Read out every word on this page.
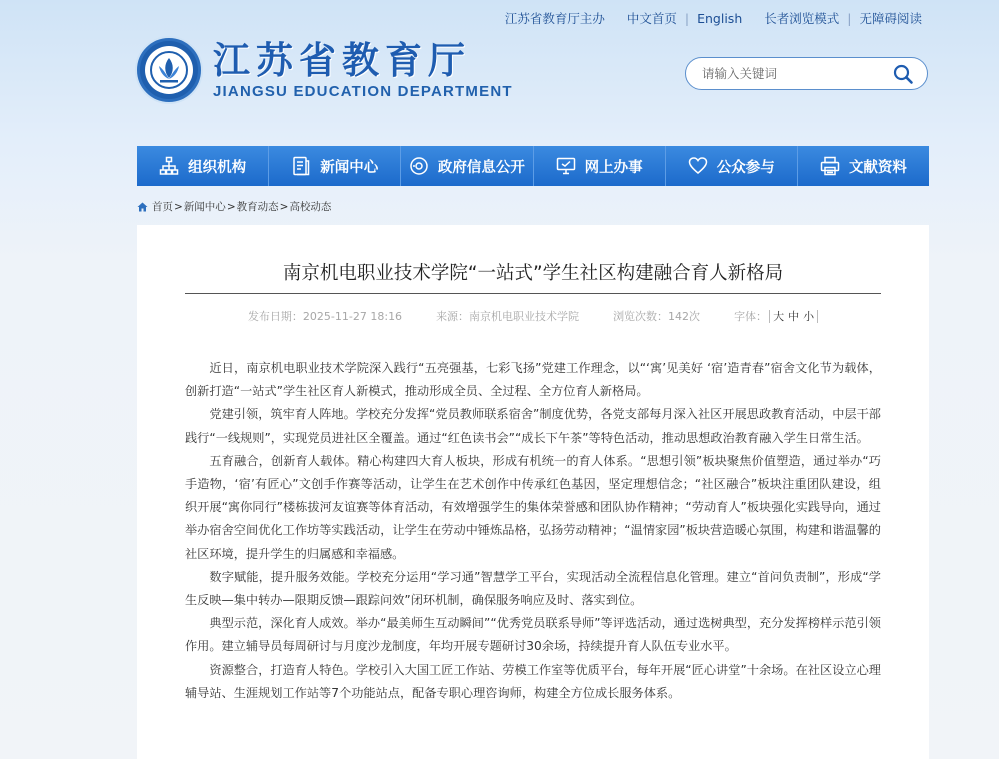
江苏省教育厅主办 中文首页 | English 长者浏览模式 | 无障碍阅读
江苏省教育厅
JIANGSU EDUCATION DEPARTMENT
请输入关键词
组织机构	新闻中心	政府信息公开	网上办事	公众参与	文献资料
首页 > 新闻中心 > 教育动态 > 高校动态
南京机电职业技术学院“一站式”学生社区构建融合育人新格局
发布日期：2025-11-27 18:16	来源：南京机电职业技术学院	浏览次数：142次	字体： 大 中 小

近日，南京机电职业技术学院深入践行“五亮强基，七彩飞扬”党建工作理念，以“‘寓’见美好 ‘宿’造青春”宿舍文化节为载体，创新打造“一站式”学生社区育人新模式，推动形成全员、全过程、全方位育人新格局。

党建引领，筑牢育人阵地。学校充分发挥“党员教师联系宿舍”制度优势，各党支部每月深入社区开展思政教育活动，中层干部践行“一线规则”，实现党员进社区全覆盖。通过“红色读书会”“成长下午茶”等特色活动，推动思想政治教育融入学生日常生活。

五育融合，创新育人载体。精心构建四大育人板块，形成有机统一的育人体系。“思想引领”板块聚焦价值塑造，通过举办“巧手造物，‘宿’有匠心”文创手作赛等活动，让学生在艺术创作中传承红色基因，坚定理想信念；“社区融合”板块注重团队建设，组织开展“寓你同行”楼栋拔河友谊赛等体育活动，有效增强学生的集体荣誉感和团队协作精神；“劳动育人”板块强化实践导向，通过举办宿舍空间优化工作坊等实践活动，让学生在劳动中锤炼品格，弘扬劳动精神；“温情家园”板块营造暖心氛围，构建和谐温馨的社区环境，提升学生的归属感和幸福感。

数字赋能，提升服务效能。学校充分运用“学习通”智慧学工平台，实现活动全流程信息化管理。建立“首问负责制”，形成“学生反映—集中转办—限期反馈—跟踪问效”闭环机制，确保服务响应及时、落实到位。

典型示范，深化育人成效。举办“最美师生互动瞬间”“优秀党员联系导师”等评选活动，通过选树典型，充分发挥榜样示范引领作用。建立辅导员每周研讨与月度沙龙制度，年均开展专题研讨30余场，持续提升育人队伍专业水平。

资源整合，打造育人特色。学校引入大国工匠工作站、劳模工作室等优质平台，每年开展“匠心讲堂”十余场。在社区设立心理辅导站、生涯规划工作站等7个功能站点，配备专职心理咨询师，构建全方位成长服务体系。
